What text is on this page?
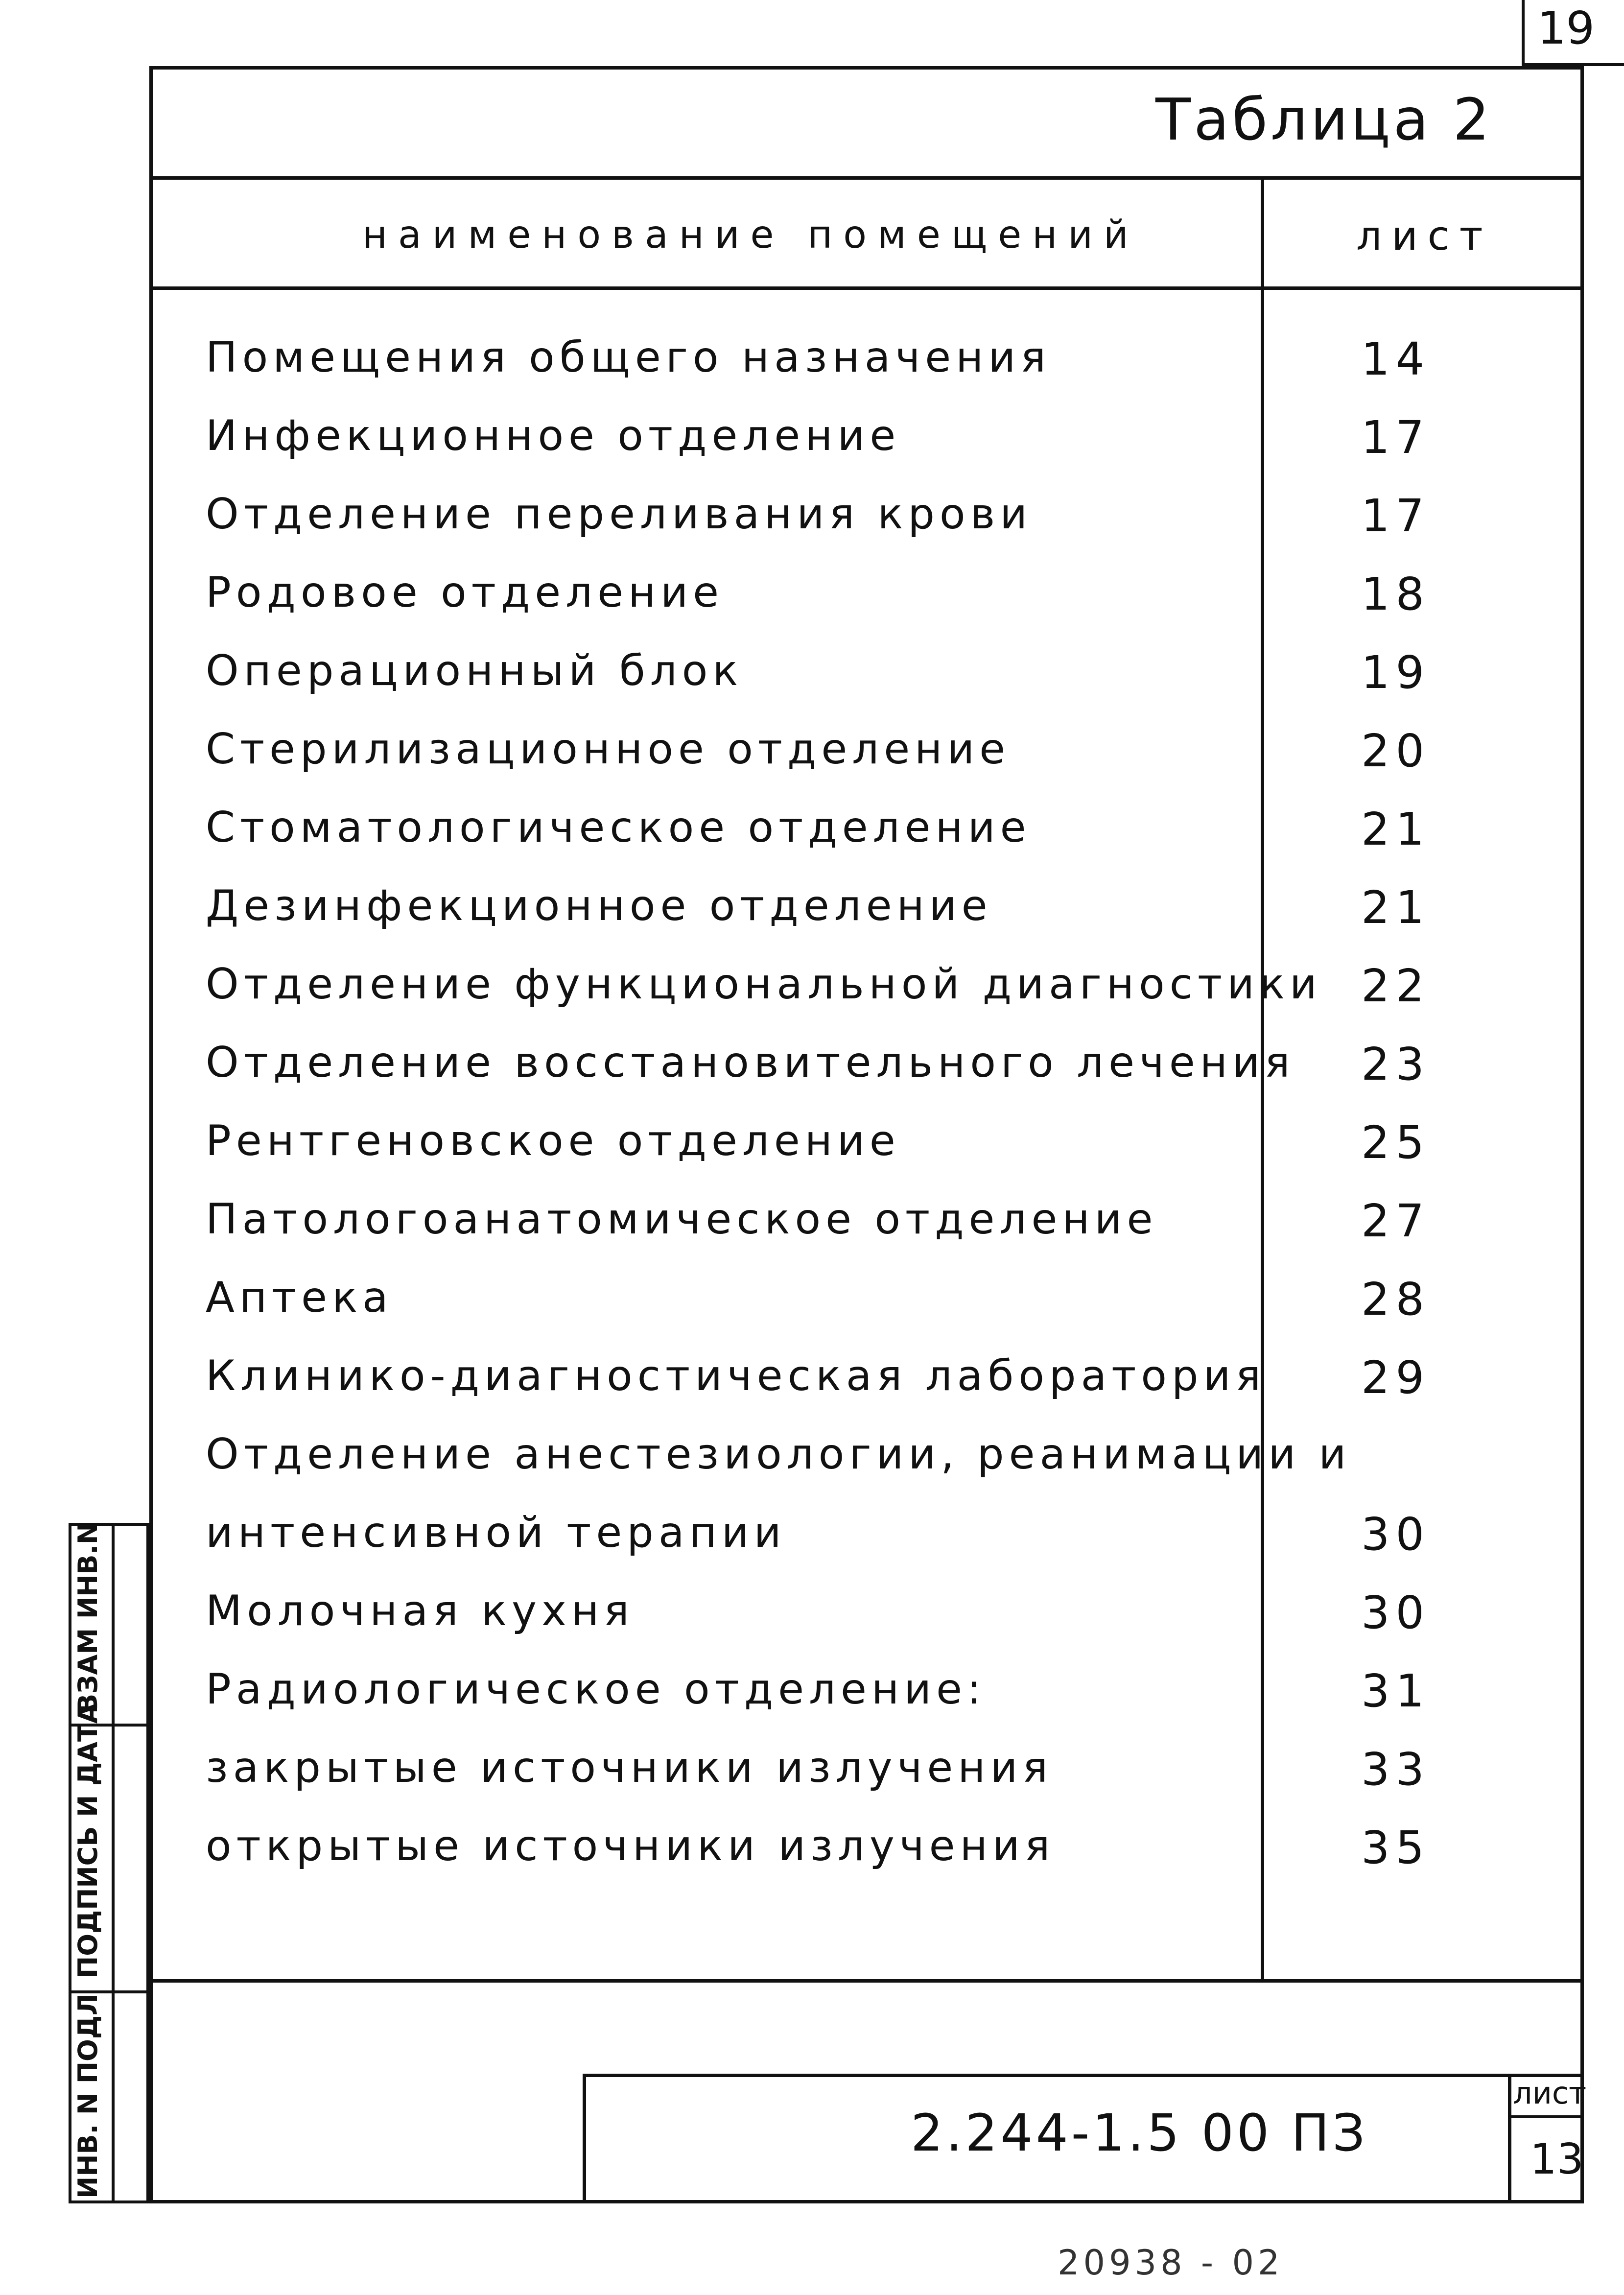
19
Таблица 2
наименование помещений	лист
Помещения общего назначения	14
Инфекционное отделение	17
Отделение переливания крови	17
Родовое отделение	18
Операционный блок	19
Стерилизационное отделение	20
Стоматологическое отделение	21
Дезинфекционное отделение	21
Отделение функциональной диагностики 22
Отделение восстановительного лечения 23
Рентгеновское отделение	25
Патологоанатомическое отделение	27
Аптека	28
Клинико-диагностическая лаборатория 29
Отделение анестезиологии, реанимации и
интенсивной терапии	30
Молочная кухня	30
Радиологическое отделение:	31
закрытые источники излучения	33
открытые источники излучения	35
ВЗАМ ИНВ.N
ПОДПИСЬ И ДАТА
ИНВ. N ПОДЛ	2.244-1.5 00 ПЗ
лист
13
20938 - 02
